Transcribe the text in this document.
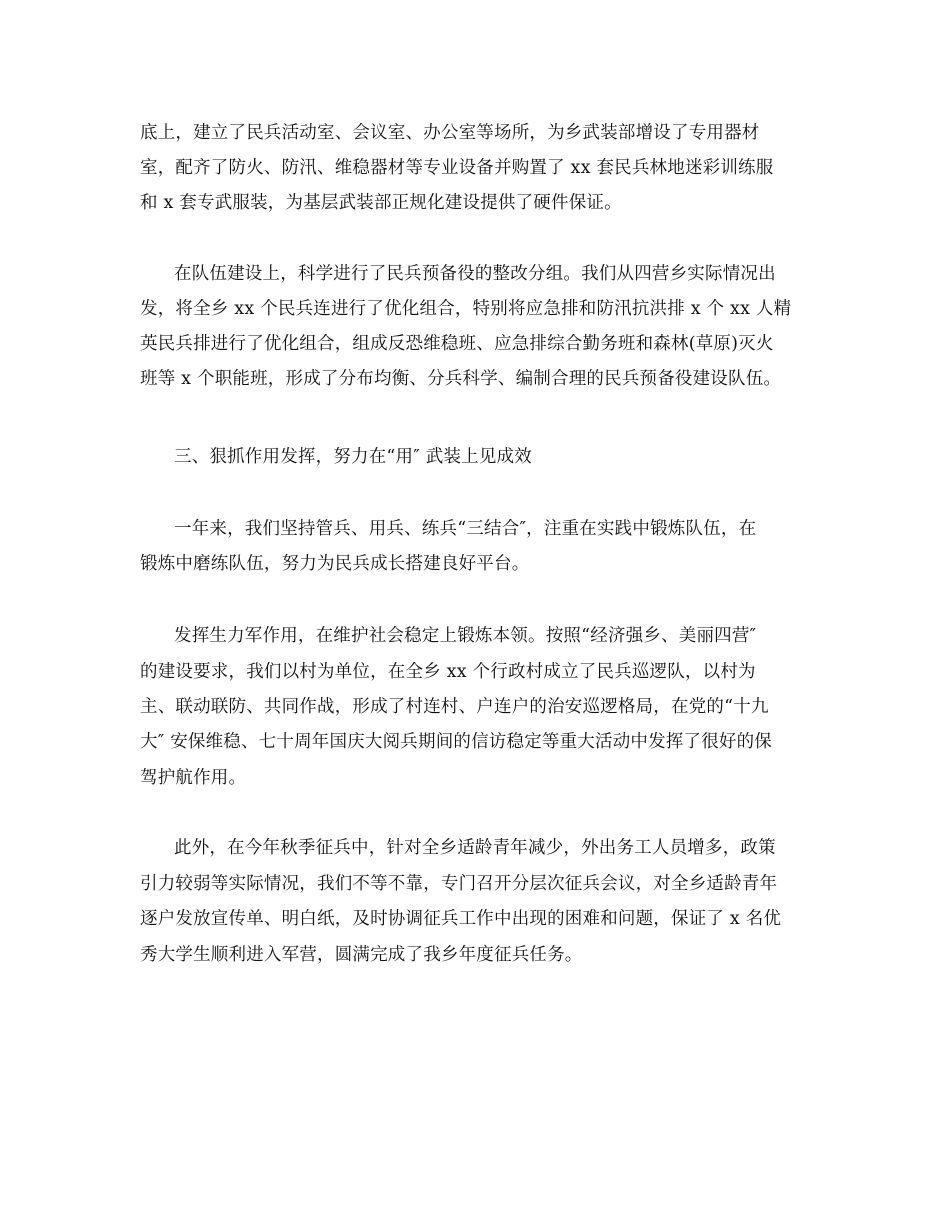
底上，建立了民兵活动室、会议室、办公室等场所，为乡武装部增设了专用器材

室，配齐了防火、防汛、维稳器材等专业设备并购置了 xx 套民兵林地迷彩训练服

和 x 套专武服装，为基层武装部正规化建设提供了硬件保证。

在队伍建设上，科学进行了民兵预备役的整改分组。我们从四营乡实际情况出

发，将全乡 xx 个民兵连进行了优化组合，特别将应急排和防汛抗洪排 x 个 xx 人精

英民兵排进行了优化组合，组成反恐维稳班、应急排综合勤务班和森林(草原)灭火

班等 x 个职能班，形成了分布均衡、分兵科学、编制合理的民兵预备役建设队伍。

三、狠抓作用发挥，努力在“用″ 武装上见成效

一年来，我们坚持管兵、用兵、练兵“三结合″，注重在实践中锻炼队伍，在

锻炼中磨练队伍，努力为民兵成长搭建良好平台。

发挥生力军作用，在维护社会稳定上锻炼本领。按照“经济强乡、美丽四营″

的建设要求，我们以村为单位，在全乡 xx 个行政村成立了民兵巡逻队，以村为

主、联动联防、共同作战，形成了村连村、户连户的治安巡逻格局，在党的“十九

大″ 安保维稳、七十周年国庆大阅兵期间的信访稳定等重大活动中发挥了很好的保

驾护航作用。

此外，在今年秋季征兵中，针对全乡适龄青年减少，外出务工人员增多，政策

引力较弱等实际情况，我们不等不靠，专门召开分层次征兵会议，对全乡适龄青年

逐户发放宣传单、明白纸，及时协调征兵工作中出现的困难和问题，保证了 x 名优

秀大学生顺利进入军营，圆满完成了我乡年度征兵任务。
